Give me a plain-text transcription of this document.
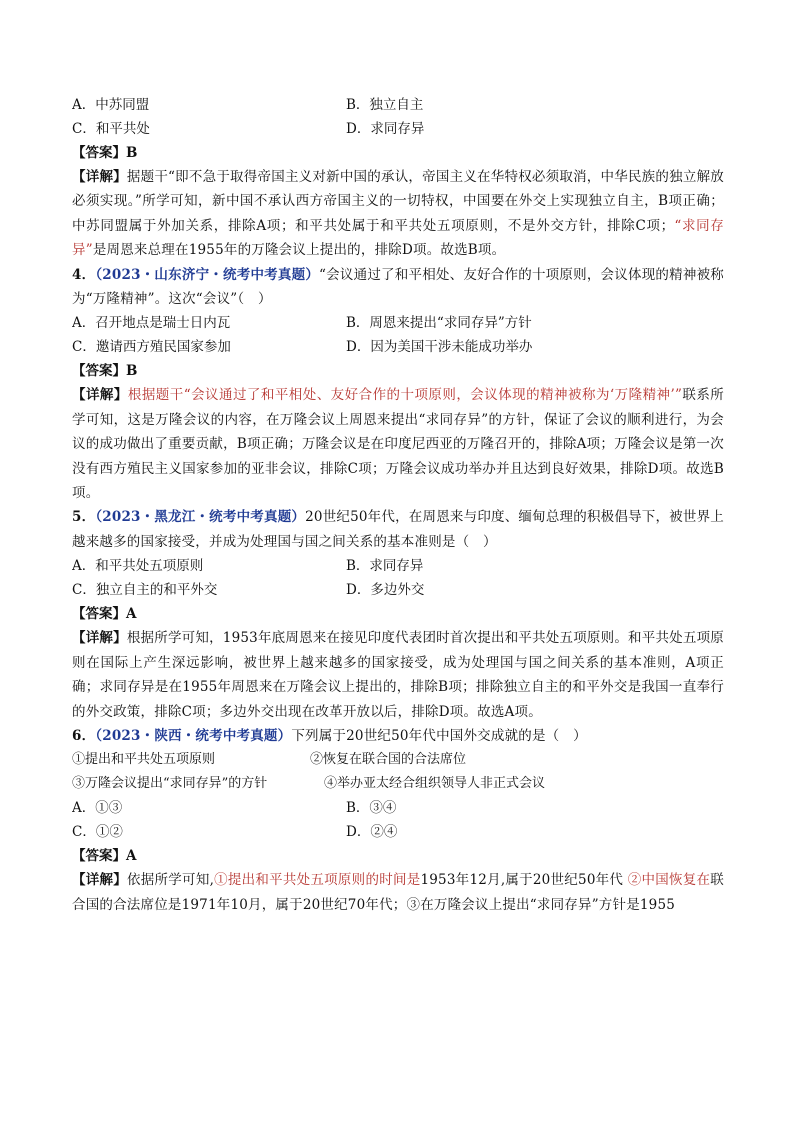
A．中苏同盟	B．独立自主
C．和平共处	D．求同存异
【答案】B
【详解】据题干“即不急于取得帝国主义对新中国的承认，帝国主义在华特权必须取消，中华民族的独立解放必须实现。”所学可知，新中国不承认西方帝国主义的一切特权，中国要在外交上实现独立自主，B项正确；中苏同盟属于外加关系，排除A项；和平共处属于和平共处五项原则，不是外交方针，排除C项；“求同存异”是周恩来总理在1955年的万隆会议上提出的，排除D项。故选B项。
4．（2023・山东济宁・统考中考真题）“会议通过了和平相处、友好合作的十项原则，会议体现的精神被称为“万隆精神”。这次“会议”（　）
A．召开地点是瑞士日内瓦	B．周恩来提出“求同存异”方针
C．邀请西方殖民国家参加	D．因为美国干涉未能成功举办
【答案】B
【详解】根据题干“会议通过了和平相处、友好合作的十项原则，会议体现的精神被称为‘万隆精神’”联系所学可知，这是万隆会议的内容，在万隆会议上周恩来提出“求同存异”的方针，保证了会议的顺利进行，为会议的成功做出了重要贡献，B项正确；万隆会议是在印度尼西亚的万隆召开的，排除A项；万隆会议是第一次没有西方殖民主义国家参加的亚非会议，排除C项；万隆会议成功举办并且达到良好效果，排除D项。故选B项。
5．（2023・黑龙江・统考中考真题）20世纪50年代，在周恩来与印度、缅甸总理的积极倡导下，被世界上越来越多的国家接受，并成为处理国与国之间关系的基本准则是（　）
A．和平共处五项原则	B．求同存异
C．独立自主的和平外交	D．多边外交
【答案】A
【详解】根据所学可知，1953年底周恩来在接见印度代表团时首次提出和平共处五项原则。和平共处五项原则在国际上产生深远影响，被世界上越来越多的国家接受，成为处理国与国之间关系的基本准则，A项正确；求同存异是在1955年周恩来在万隆会议上提出的，排除B项；排除独立自主的和平外交是我国一直奉行的外交政策，排除C项；多边外交出现在改革开放以后，排除D项。故选A项。
6．（2023・陕西・统考中考真题）下列属于20世纪50年代中国外交成就的是（　）
①提出和平共处五项原则	②恢复在联合国的合法席位
③万隆会议提出“求同存异”的方针	④举办亚太经合组织领导人非正式会议
A．①③	B．③④
C．①②	D．②④
【答案】A
【详解】依据所学可知,①提出和平共处五项原则的时间是1953年12月,属于20世纪50年代 ②中国恢复在联合国的合法席位是1971年10月，属于20世纪70年代；③在万隆会议上提出“求同存异”方针是1955
